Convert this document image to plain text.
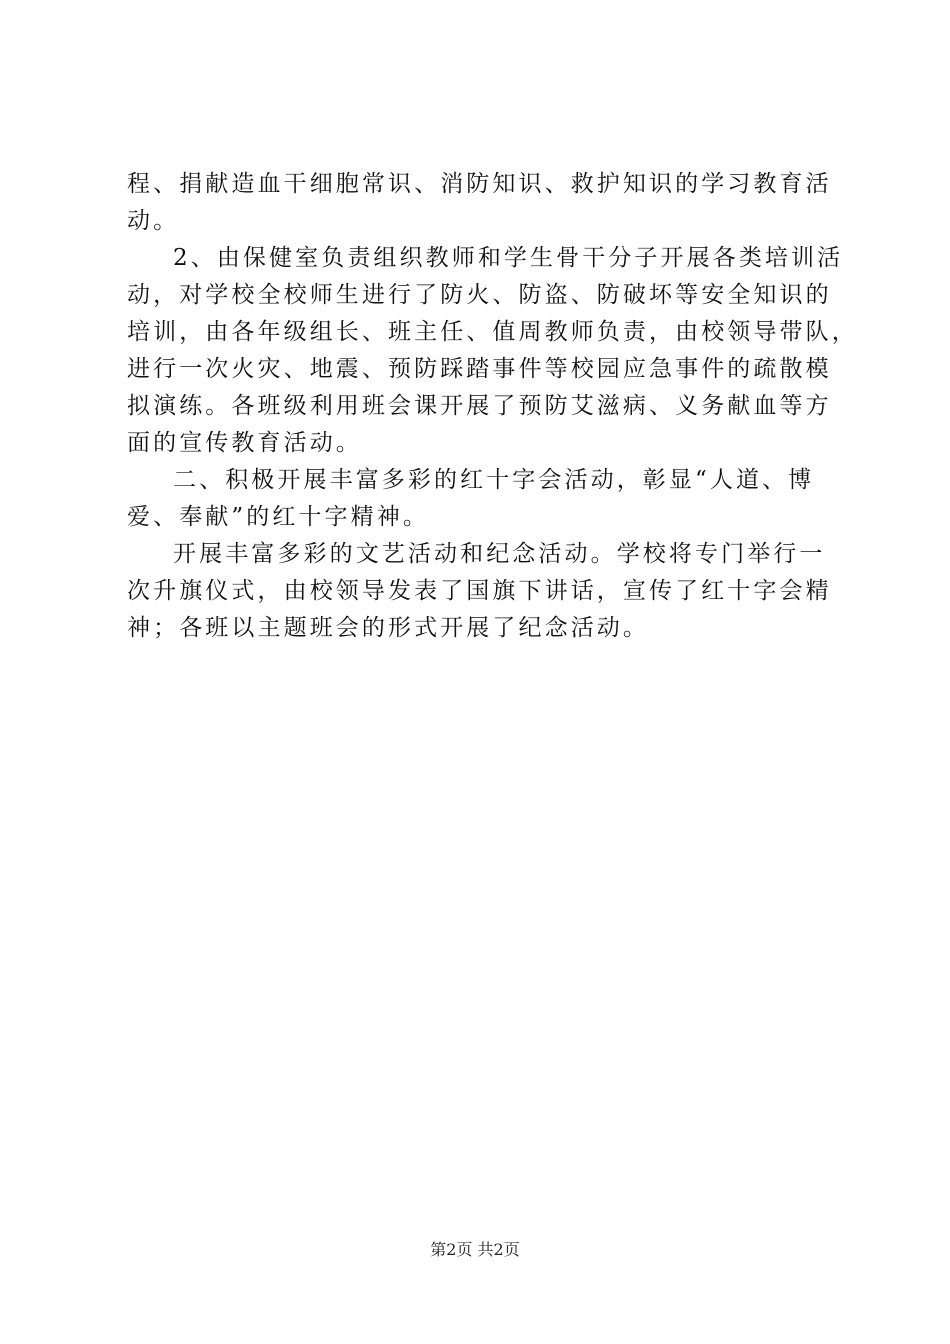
程、捐献造血干细胞常识、消防知识、救护知识的学习教育活
动。
2、由保健室负责组织教师和学生骨干分子开展各类培训活
动，对学校全校师生进行了防火、防盗、防破坏等安全知识的
培训，由各年级组长、班主任、值周教师负责，由校领导带队，
进行一次火灾、地震、预防踩踏事件等校园应急事件的疏散模
拟演练。各班级利用班会课开展了预防艾滋病、义务献血等方
面的宣传教育活动。
二、积极开展丰富多彩的红十字会活动，彰显“人道、博
爱、奉献”的红十字精神。
开展丰富多彩的文艺活动和纪念活动。学校将专门举行一
次升旗仪式，由校领导发表了国旗下讲话，宣传了红十字会精
神；各班以主题班会的形式开展了纪念活动。
第2页 共2页
